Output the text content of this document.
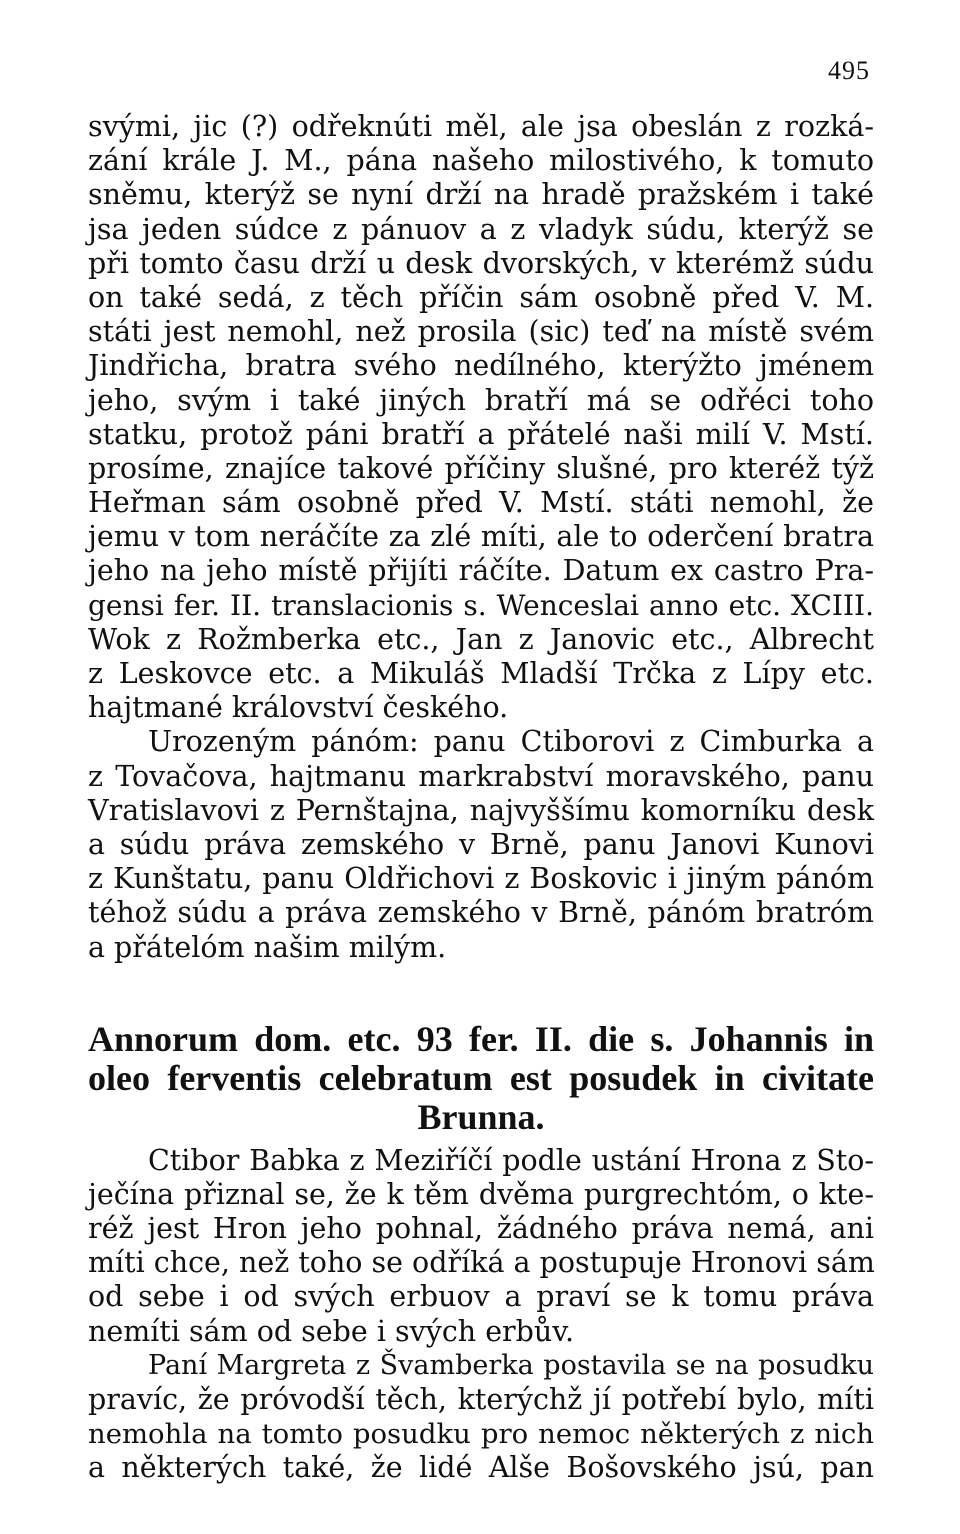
495
svými, jic (?) odřeknúti měl, ale jsa obeslán z rozká-
zání krále J. M., pána našeho milostivého, k tomuto
sněmu, kterýž se nyní drží na hradě pražském i také
jsa jeden súdce z pánuov a z vladyk súdu, kterýž se
při tomto času drží u desk dvorských, v kterémž súdu
on také sedá, z těch příčin sám osobně před V. M.
státi jest nemohl, než prosila (sic) teď na místě svém
Jindřicha, bratra svého nedílného, kterýžto jménem
jeho, svým i také jiných bratří má se odřéci toho
statku, protož páni bratří a přátelé naši milí V. Mstí.
prosíme, znajíce takové příčiny slušné, pro kteréž týž
Heřman sám osobně před V. Mstí. státi nemohl, že
jemu v tom neráčíte za zlé míti, ale to oderčení bratra
jeho na jeho místě přijíti ráčíte. Datum ex castro Pra-
gensi fer. II. translacionis s. Wenceslai anno etc. XCIII.
Wok z Rožmberka etc., Jan z Janovic etc., Albrecht
z Leskovce etc. a Mikuláš Mladší Trčka z Lípy etc.
hajtmané království českého.
Urozeným pánóm: panu Ctiborovi z Cimburka a
z Tovačova, hajtmanu markrabství moravského, panu
Vratislavovi z Pernštajna, najvyššímu komorníku desk
a súdu práva zemského v Brně, panu Janovi Kunovi
z Kunštatu, panu Oldřichovi z Boskovic i jiným pánóm
téhož súdu a práva zemského v Brně, pánóm bratróm
a přátelóm našim milým.
Annorum dom. etc. 93 fer. II. die s. Johannis in
oleo ferventis celebratum est posudek in civitate
Brunna.
Ctibor Babka z Meziříčí podle ustání Hrona z Sto-
ječína přiznal se, že k těm dvěma purgrechtóm, o kte-
réž jest Hron jeho pohnal, žádného práva nemá, ani
míti chce, než toho se odříká a postupuje Hronovi sám
od sebe i od svých erbuov a praví se k tomu práva
nemíti sám od sebe i svých erbův.
Paní Margreta z Švamberka postavila se na posudku
pravíc, že próvodší těch, kterýchž jí potřebí bylo, míti
nemohla na tomto posudku pro nemoc některých z nich
a některých také, že lidé Alše Bošovského jsú, pan
